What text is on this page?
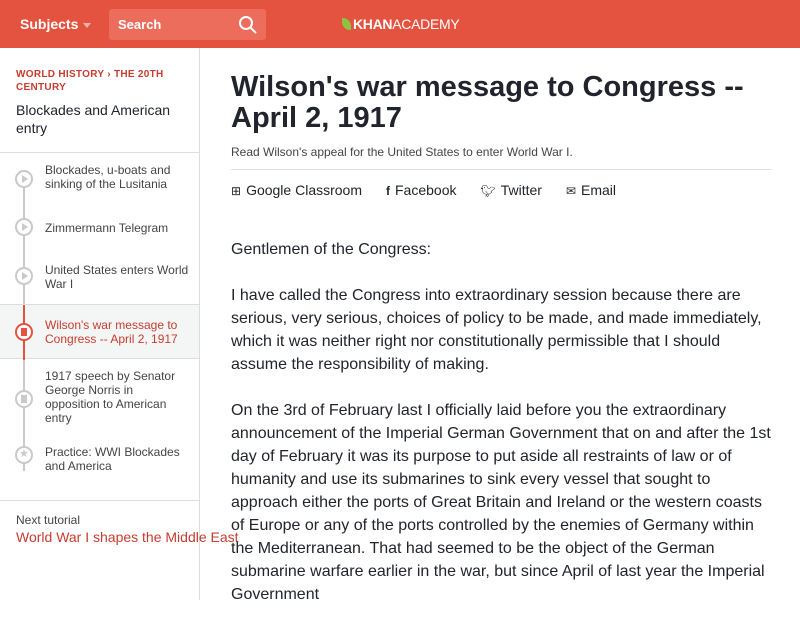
Subjects	Search	KHANACADEMY
WORLD HISTORY › THE 20TH CENTURY
Blockades and American entry
Blockades, u-boats and sinking of the Lusitania
Zimmermann Telegram
United States enters World War I
Wilson's war message to Congress -- April 2, 1917
1917 speech by Senator George Norris in opposition to American entry
★
Practice: WWI Blockades and America
Next tutorial
World War I shapes the Middle East
Wilson's war message to Congress -- April 2, 1917
Read Wilson's appeal for the United States to enter World War I.
⊞ Google Classroom f Facebook 🐦︎ Twitter ✉ Email

Gentlemen of the Congress:

I have called the Congress into extraordinary session because there are serious, very serious, choices of policy to be made, and made immediately, which it was neither right nor constitutionally permissible that I should assume the responsibility of making.

On the 3rd of February last I officially laid before you the extraordinary announcement of the Imperial German Government that on and after the 1st day of February it was its purpose to put aside all restraints of law or of humanity and use its submarines to sink every vessel that sought to approach either the ports of Great Britain and Ireland or the western coasts of Europe or any of the ports controlled by the enemies of Germany within the Mediterranean. That had seemed to be the object of the German submarine warfare earlier in the war, but since April of last year the Imperial Government
